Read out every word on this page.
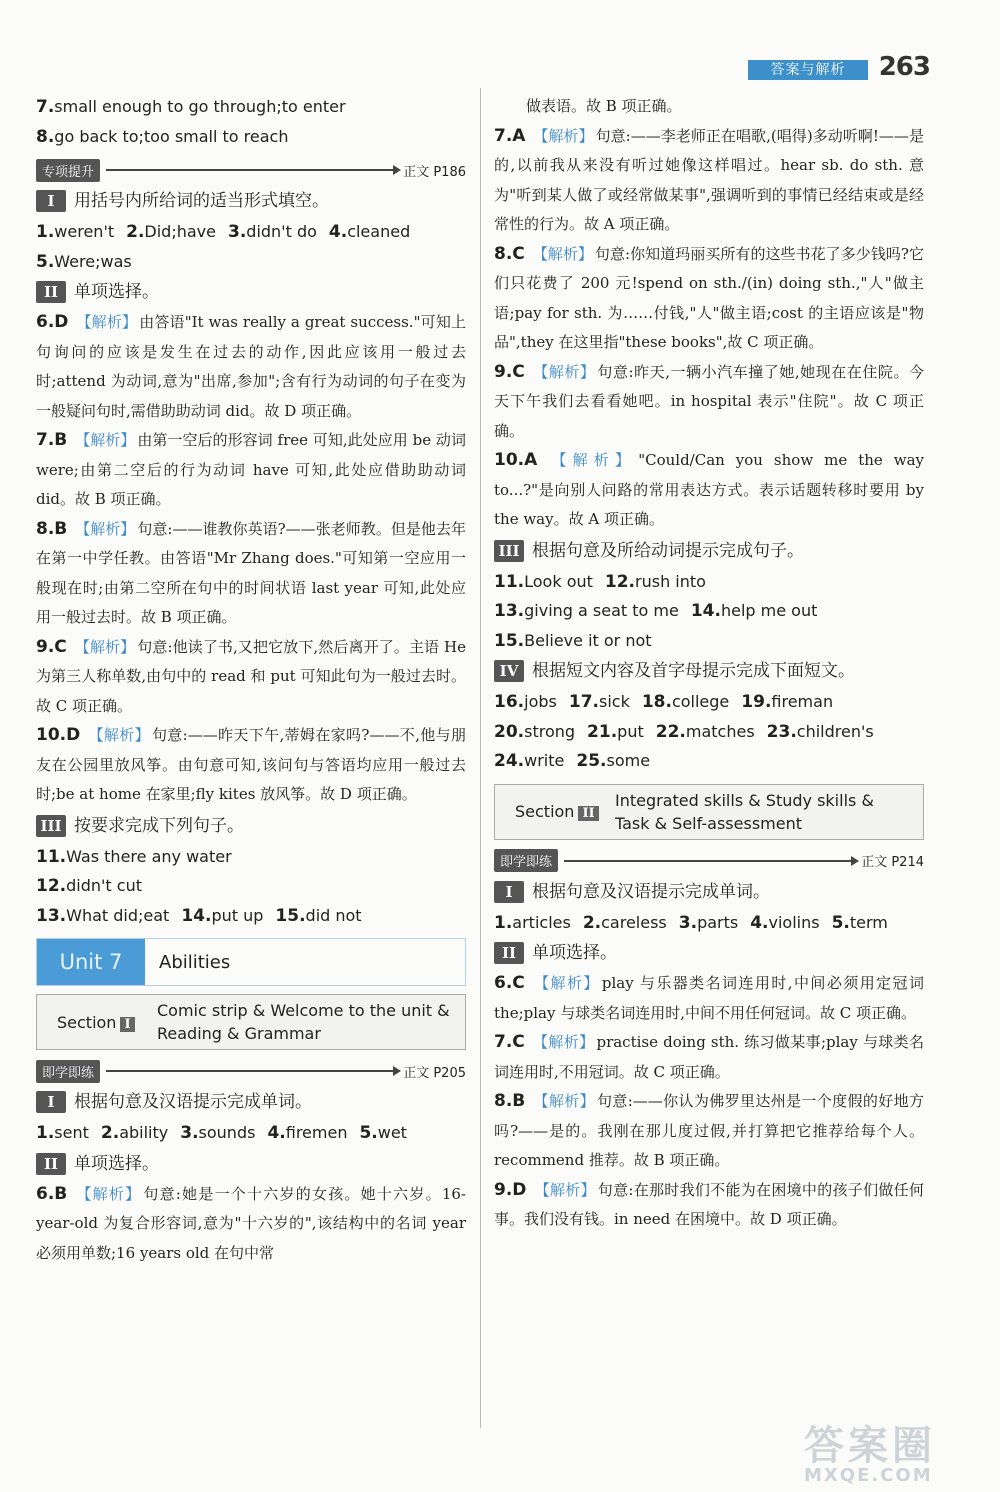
答案与解析	263
7.small enough to go through;to enter
8.go back to;too small to reach
专项提升	正文 P186
I	用括号内所给词的适当形式填空。
1.weren't 2.Did;have 3.didn't do 4.cleaned
5.Were;was
II 单项选择。
6.D 【解析】 由答语"It was really a great success."可知上句询问的应该是发生在过去的动作,因此应该用一般过去时;attend 为动词,意为"出席,参加";含有行为动词的句子在变为一般疑问句时,需借助助动词 did。故 D 项正确。
7.B 【解析】 由第一空后的形容词 free 可知,此处应用 be 动词 were;由第二空后的行为动词 have 可知,此处应借助助动词 did。故 B 项正确。
8.B 【解析】 句意:——谁教你英语?——张老师教。但是他去年在第一中学任教。由答语"Mr Zhang does."可知第一空应用一般现在时;由第二空所在句中的时间状语 last year 可知,此处应用一般过去时。故 B 项正确。
9.C 【解析】 句意:他读了书,又把它放下,然后离开了。主语 He 为第三人称单数,由句中的 read 和 put 可知此句为一般过去时。故 C 项正确。
10.D 【解析】 句意:——昨天下午,蒂姆在家吗?——不,他与朋友在公园里放风筝。由句意可知,该问句与答语均应用一般过去时;be at home 在家里;fly kites 放风筝。故 D 项正确。
III 按要求完成下列句子。
11.Was there any water
12.didn't cut
13.What did;eat 14.put up 15.did not
Unit 7	Abilities
Section I
Comic strip & Welcome to the unit &
Reading & Grammar
即学即练	正文 P205
I	根据句意及汉语提示完成单词。
1.sent 2.ability 3.sounds 4.firemen 5.wet
II 单项选择。
6.B 【解析】 句意:她是一个十六岁的女孩。她十六岁。16-year-old 为复合形容词,意为"十六岁的",该结构中的名词 year 必须用单数;16 years old 在句中常
做表语。故 B 项正确。
7.A 【解析】 句意:——李老师正在唱歌,(唱得)多动听啊!——是的,以前我从来没有听过她像这样唱过。hear sb. do sth. 意为"听到某人做了或经常做某事",强调听到的事情已经结束或是经常性的行为。故 A 项正确。
8.C 【解析】 句意:你知道玛丽买所有的这些书花了多少钱吗?它们只花费了 200 元!spend on sth./(in) doing sth.,"人"做主语;pay for sth. 为……付钱,"人"做主语;cost 的主语应该是"物品",they 在这里指"these books",故 C 项正确。
9.C 【解析】 句意:昨天,一辆小汽车撞了她,她现在在住院。今天下午我们去看看她吧。in hospital 表示"住院"。故 C 项正确。
10.A 【解析】 "Could/Can you show me the way to...?"是向别人问路的常用表达方式。表示话题转移时要用 by the way。故 A 项正确。
III 根据句意及所给动词提示完成句子。
11.Look out 12.rush into
13.giving a seat to me 14.help me out
15.Believe it or not
IV 根据短文内容及首字母提示完成下面短文。
16.jobs 17.sick 18.college 19.fireman
20.strong 21.put 22.matches 23.children's
24.write 25.some
Section II
Integrated skills & Study skills &
Task & Self-assessment
即学即练	正文 P214
I	根据句意及汉语提示完成单词。
1.articles 2.careless 3.parts 4.violins 5.term
II 单项选择。
6.C 【解析】 play 与乐器类名词连用时,中间必须用定冠词 the;play 与球类名词连用时,中间不用任何冠词。故 C 项正确。
7.C 【解析】 practise doing sth. 练习做某事;play 与球类名词连用时,不用冠词。故 C 项正确。
8.B 【解析】 句意:——你认为佛罗里达州是一个度假的好地方吗?——是的。我刚在那儿度过假,并打算把它推荐给每个人。recommend 推荐。故 B 项正确。
9.D 【解析】 句意:在那时我们不能为在困境中的孩子们做任何事。我们没有钱。in need 在困境中。故 D 项正确。
答案圈
MXQE.COM
